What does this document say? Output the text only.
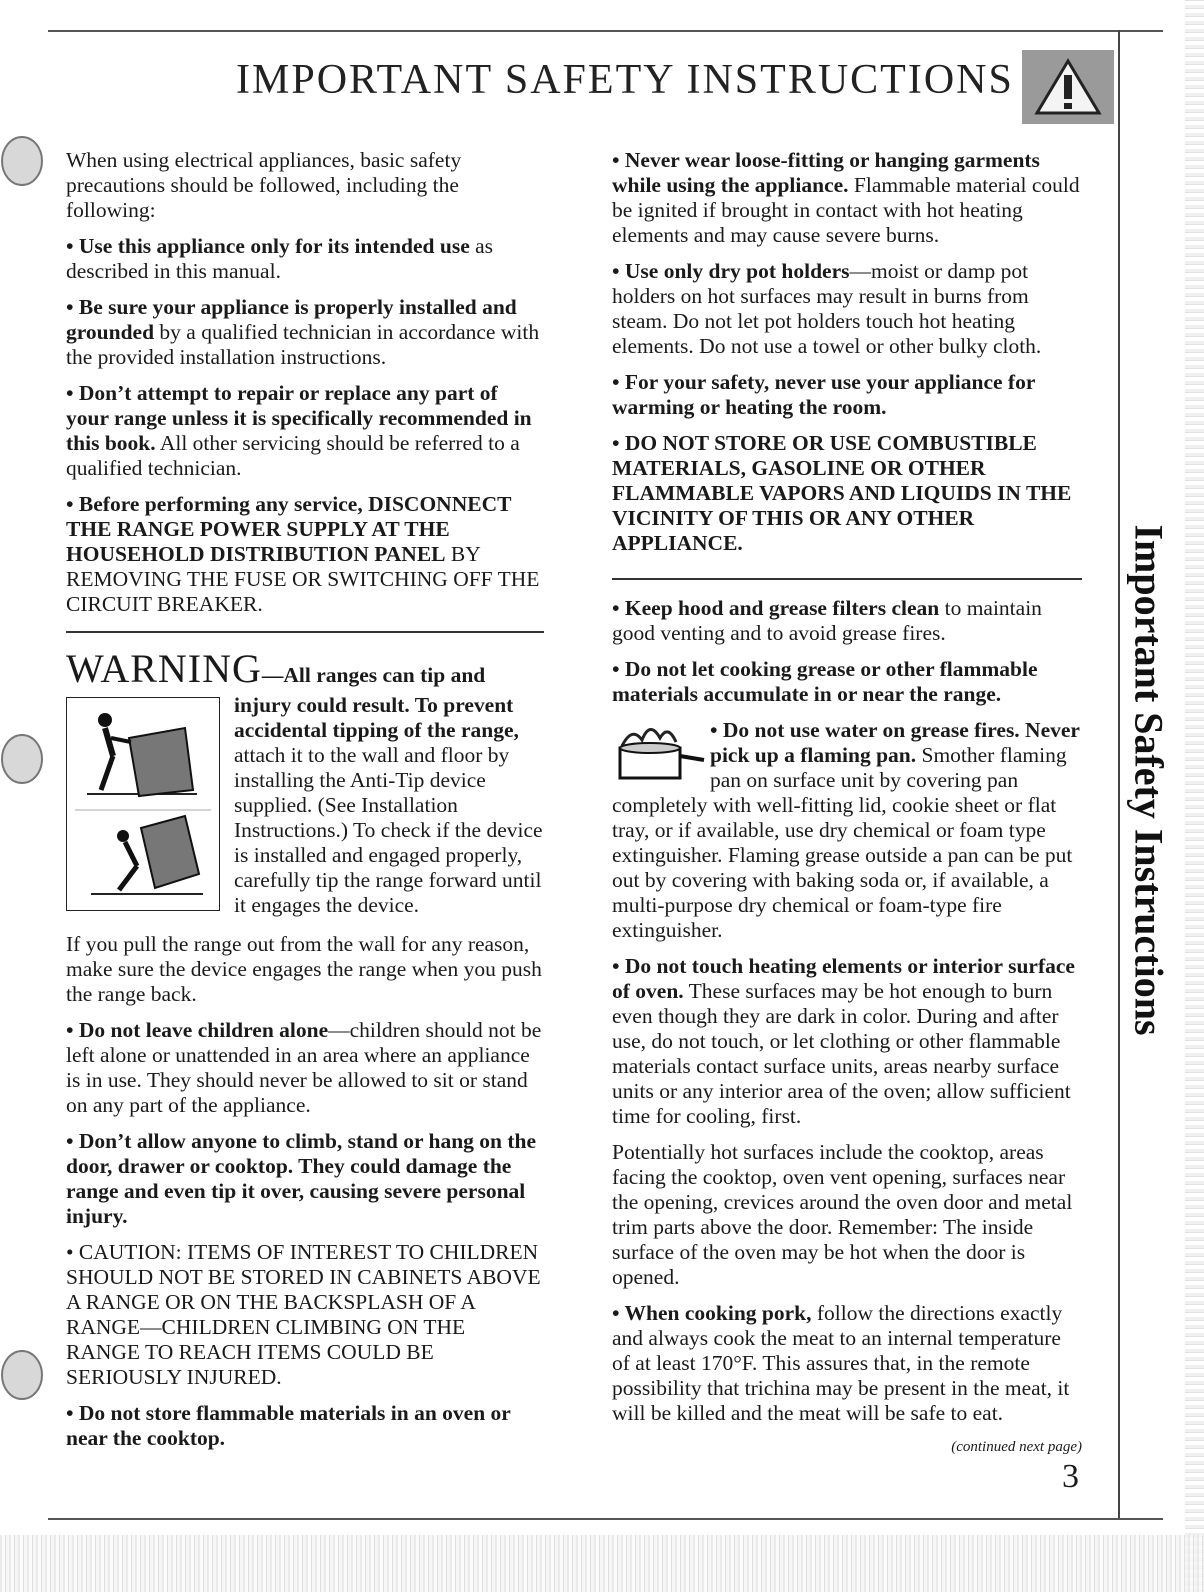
IMPORTANT SAFETY INSTRUCTIONS
Important Safety Instructions

When using electrical appliances, basic safety precautions should be followed, including the following:

• Use this appliance only for its intended use as described in this manual.

• Be sure your appliance is properly installed and grounded by a qualified technician in accordance with the provided installation instructions.

• Don’t attempt to repair or replace any part of your range unless it is specifically recommended in this book. All other servicing should be referred to a qualified technician.

• Before performing any service, DISCONNECT THE RANGE POWER SUPPLY AT THE HOUSEHOLD DISTRIBUTION PANEL BY REMOVING THE FUSE OR SWITCHING OFF THE CIRCUIT BREAKER.

WARNING—All ranges can tip and
injury could result. To prevent accidental tipping of the range, attach it to the wall and floor by installing the Anti-Tip device supplied. (See Installation Instructions.) To check if the device is installed and engaged properly, carefully tip the range forward until it engages the device.

If you pull the range out from the wall for any reason, make sure the device engages the range when you push the range back.

• Do not leave children alone—children should not be left alone or unattended in an area where an appliance is in use. They should never be allowed to sit or stand on any part of the appliance.

• Don’t allow anyone to climb, stand or hang on the door, drawer or cooktop. They could damage the range and even tip it over, causing severe personal injury.

• CAUTION: ITEMS OF INTEREST TO CHILDREN SHOULD NOT BE STORED IN CABINETS ABOVE A RANGE OR ON THE BACKSPLASH OF A RANGE—CHILDREN CLIMBING ON THE RANGE TO REACH ITEMS COULD BE SERIOUSLY INJURED.

• Do not store flammable materials in an oven or near the cooktop.

• Never wear loose-fitting or hanging garments while using the appliance. Flammable material could be ignited if brought in contact with hot heating elements and may cause severe burns.

• Use only dry pot holders—moist or damp pot holders on hot surfaces may result in burns from steam. Do not let pot holders touch hot heating elements. Do not use a towel or other bulky cloth.

• For your safety, never use your appliance for warming or heating the room.

• DO NOT STORE OR USE COMBUSTIBLE MATERIALS, GASOLINE OR OTHER FLAMMABLE VAPORS AND LIQUIDS IN THE VICINITY OF THIS OR ANY OTHER APPLIANCE.

• Keep hood and grease filters clean to maintain good venting and to avoid grease fires.

• Do not let cooking grease or other flammable materials accumulate in or near the range.

• Do not use water on grease fires. Never pick up a flaming pan. Smother flaming pan on surface unit by covering pan completely with well-fitting lid, cookie sheet or flat tray, or if available, use dry chemical or foam type extinguisher. Flaming grease outside a pan can be put out by covering with baking soda or, if available, a multi-purpose dry chemical or foam-type fire extinguisher.

• Do not touch heating elements or interior surface of oven. These surfaces may be hot enough to burn even though they are dark in color. During and after use, do not touch, or let clothing or other flammable materials contact surface units, areas nearby surface units or any interior area of the oven; allow sufficient time for cooling, first.

Potentially hot surfaces include the cooktop, areas facing the cooktop, oven vent opening, surfaces near the opening, crevices around the oven door and metal trim parts above the door. Remember: The inside surface of the oven may be hot when the door is opened.

• When cooking pork, follow the directions exactly and always cook the meat to an internal temperature of at least 170°F. This assures that, in the remote possibility that trichina may be present in the meat, it will be killed and the meat will be safe to eat.

(continued next page)
3
